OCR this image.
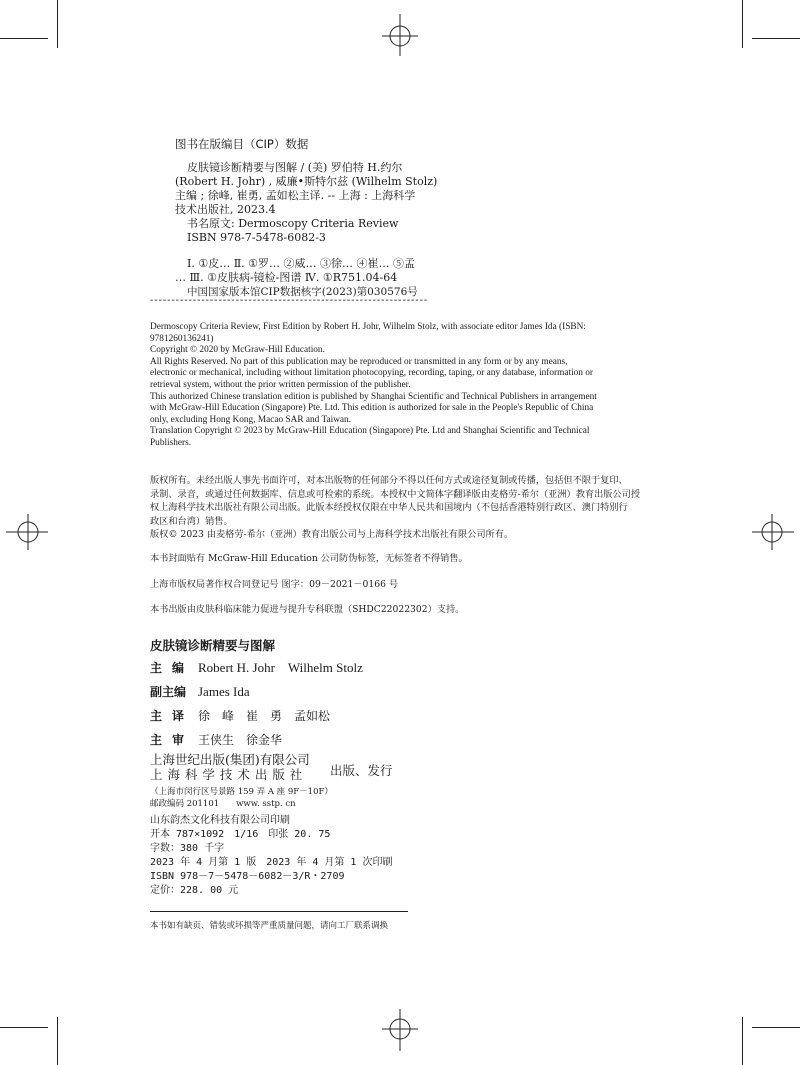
图书在版编目（CIP）数据
皮肤镜诊断精要与图解 / (美) 罗伯特 H.约尔
(Robert H. Johr) , 威廉•斯特尔兹 (Wilhelm Stolz)
主编 ; 徐峰, 崔勇, 孟如松主译. -- 上海 : 上海科学
技术出版社, 2023.4
书名原文: Dermoscopy Criteria Review
ISBN 978-7-5478-6082-3
Ⅰ. ①皮… Ⅱ. ①罗… ②威… ③徐… ④崔… ⑤孟
… Ⅲ. ①皮肤病-镜检-图谱 Ⅳ. ①R751.04-64
中国国家版本馆CIP数据核字(2023)第030576号
-----------------------------------------------------------------
Dermoscopy Criteria Review, First Edition by Robert H. Johr, Wilhelm Stolz, with associate editor James Ida (ISBN:
9781260136241)
Copyright © 2020 by McGraw-Hill Education.
All Rights Reserved. No part of this publication may be reproduced or transmitted in any form or by any means,
electronic or mechanical, including without limitation photocopying, recording, taping, or any database, information or
retrieval system, without the prior written permission of the publisher.
This authorized Chinese translation edition is published by Shanghai Scientific and Technical Publishers in arrangement
with McGraw-Hill Education (Singapore) Pte. Ltd. This edition is authorized for sale in the People's Republic of China
only, excluding Hong Kong, Macao SAR and Taiwan.
Translation Copyright © 2023 by McGraw-Hill Education (Singapore) Pte. Ltd and Shanghai Scientific and Technical
Publishers.
版权所有。未经出版人事先书面许可，对本出版物的任何部分不得以任何方式或途径复制或传播，包括但不限于复印、
录制、录音，或通过任何数据库、信息或可检索的系统。本授权中文简体字翻译版由麦格劳-希尔（亚洲）教育出版公司授
权上海科学技术出版社有限公司出版。此版本经授权仅限在中华人民共和国境内（不包括香港特别行政区、澳门特别行
政区和台湾）销售。
版权© 2023 由麦格劳-希尔（亚洲）教育出版公司与上海科学技术出版社有限公司所有。
本书封面贴有 McGraw-Hill Education 公司防伪标签，无标签者不得销售。
上海市版权局著作权合同登记号 图字：09－2021－0166 号
本书出版由皮肤科临床能力促进与提升专科联盟（SHDC22022302）支持。
皮肤镜诊断精要与图解
主编 Robert H. Johr　Wilhelm Stolz
副主编 James Ida
主译 徐　峰　崔　勇　孟如松
主审 王侠生　徐金华
上海世纪出版(集团)有限公司
上 海 科 学 技 术 出 版 社	出版、发行
（上海市闵行区号景路 159 弄 A 座 9F－10F）
邮政编码 201101　　www. sstp. cn
山东韵杰文化科技有限公司印刷
开本 787×1092　1/16　印张 20. 75
字数：380 千字
2023 年 4 月第 1 版　2023 年 4 月第 1 次印刷
ISBN 978－7－5478－6082－3/R・2709
定价：228. 00 元
本书如有缺页、错装或坏损等严重质量问题，请向工厂联系调换
